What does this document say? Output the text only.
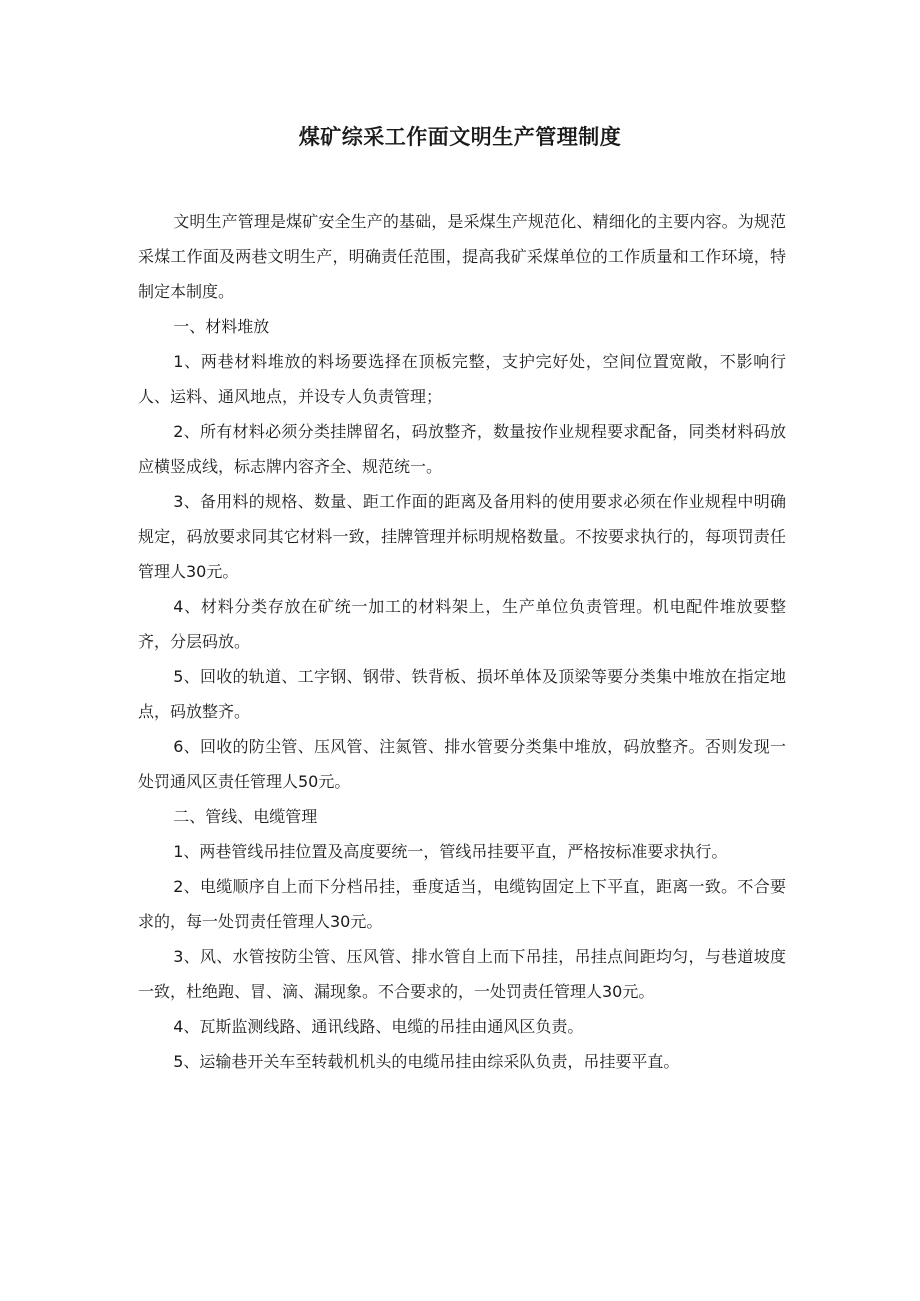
煤矿综采工作面文明生产管理制度

文明生产管理是煤矿安全生产的基础，是采煤生产规范化、精细化的主要内容。为规范采煤工作面及两巷文明生产，明确责任范围，提高我矿采煤单位的工作质量和工作环境，特制定本制度。

一、材料堆放

1、两巷材料堆放的料场要选择在顶板完整，支护完好处，空间位置宽敞，不影响行人、运料、通风地点，并设专人负责管理；

2、所有材料必须分类挂牌留名，码放整齐，数量按作业规程要求配备，同类材料码放应横竖成线，标志牌内容齐全、规范统一。

3、备用料的规格、数量、距工作面的距离及备用料的使用要求必须在作业规程中明确规定，码放要求同其它材料一致，挂牌管理并标明规格数量。不按要求执行的，每项罚责任管理人30元。

4、材料分类存放在矿统一加工的材料架上，生产单位负责管理。机电配件堆放要整齐，分层码放。

5、回收的轨道、工字钢、钢带、铁背板、损坏单体及顶梁等要分类集中堆放在指定地点，码放整齐。

6、回收的防尘管、压风管、注氮管、排水管要分类集中堆放，码放整齐。否则发现一处罚通风区责任管理人50元。

二、管线、电缆管理

1、两巷管线吊挂位置及高度要统一，管线吊挂要平直，严格按标准要求执行。

2、电缆顺序自上而下分档吊挂，垂度适当，电缆钩固定上下平直，距离一致。不合要求的，每一处罚责任管理人30元。

3、风、水管按防尘管、压风管、排水管自上而下吊挂，吊挂点间距均匀，与巷道坡度一致，杜绝跑、冒、滴、漏现象。不合要求的，一处罚责任管理人30元。

4、瓦斯监测线路、通讯线路、电缆的吊挂由通风区负责。

5、运输巷开关车至转载机机头的电缆吊挂由综采队负责，吊挂要平直。
